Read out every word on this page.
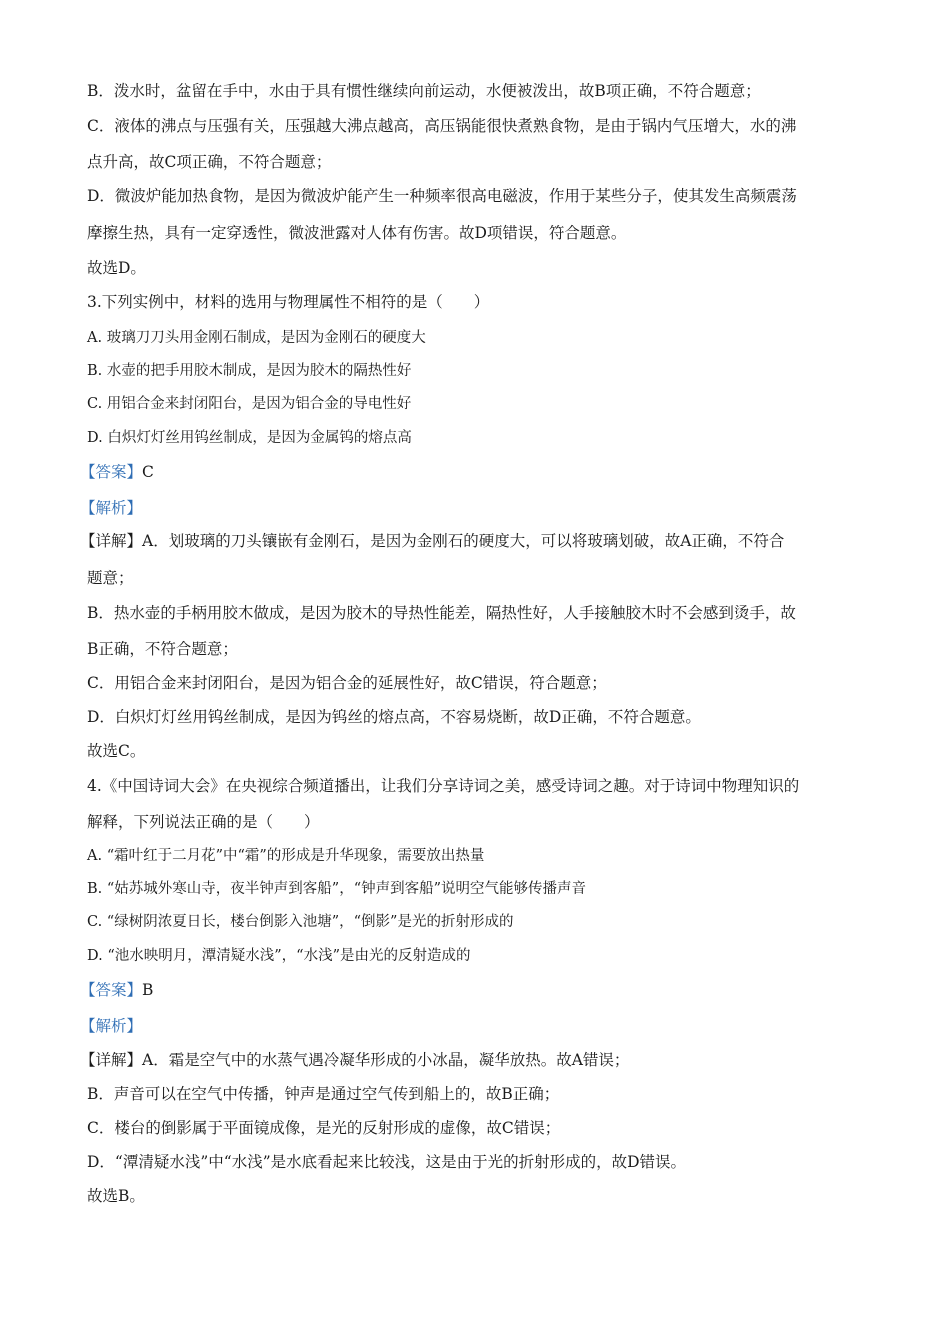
B．泼水时，盆留在手中，水由于具有惯性继续向前运动，水便被泼出，故B项正确，不符合题意；
C．液体的沸点与压强有关，压强越大沸点越高，高压锅能很快煮熟食物，是由于锅内气压增大，水的沸
点升高，故C项正确，不符合题意；
D．微波炉能加热食物，是因为微波炉能产生一种频率很高电磁波，作用于某些分子，使其发生高频震荡
摩擦生热，具有一定穿透性，微波泄露对人体有伤害。故D项错误，符合题意。
故选D。
3.下列实例中，材料的选用与物理属性不相符的是（　　）
A. 玻璃刀刀头用金刚石制成，是因为金刚石的硬度大
B. 水壶的把手用胶木制成，是因为胶木的隔热性好
C. 用铝合金来封闭阳台，是因为铝合金的导电性好
D. 白炽灯灯丝用钨丝制成，是因为金属钨的熔点高
【答案】C
【解析】
【详解】A．划玻璃的刀头镶嵌有金刚石，是因为金刚石的硬度大，可以将玻璃划破，故A正确，不符合
题意；
B．热水壶的手柄用胶木做成，是因为胶木的导热性能差，隔热性好，人手接触胶木时不会感到烫手，故
B正确，不符合题意；
C．用铝合金来封闭阳台，是因为铝合金的延展性好，故C错误，符合题意；
D．白炽灯灯丝用钨丝制成，是因为钨丝的熔点高，不容易烧断，故D正确，不符合题意。
故选C。
4.《中国诗词大会》在央视综合频道播出，让我们分享诗词之美，感受诗词之趣。对于诗词中物理知识的
解释，下列说法正确的是（　　）
A. “霜叶红于二月花”中“霜”的形成是升华现象，需要放出热量
B. “姑苏城外寒山寺，夜半钟声到客船”，“钟声到客船”说明空气能够传播声音
C. “绿树阴浓夏日长，楼台倒影入池塘”，“倒影”是光的折射形成的
D. “池水映明月，潭清疑水浅”，“水浅”是由光的反射造成的
【答案】B
【解析】
【详解】A．霜是空气中的水蒸气遇冷凝华形成的小冰晶，凝华放热。故A错误；
B．声音可以在空气中传播，钟声是通过空气传到船上的，故B正确；
C．楼台的倒影属于平面镜成像，是光的反射形成的虚像，故C错误；
D．“潭清疑水浅”中“水浅”是水底看起来比较浅，这是由于光的折射形成的，故D错误。
故选B。
